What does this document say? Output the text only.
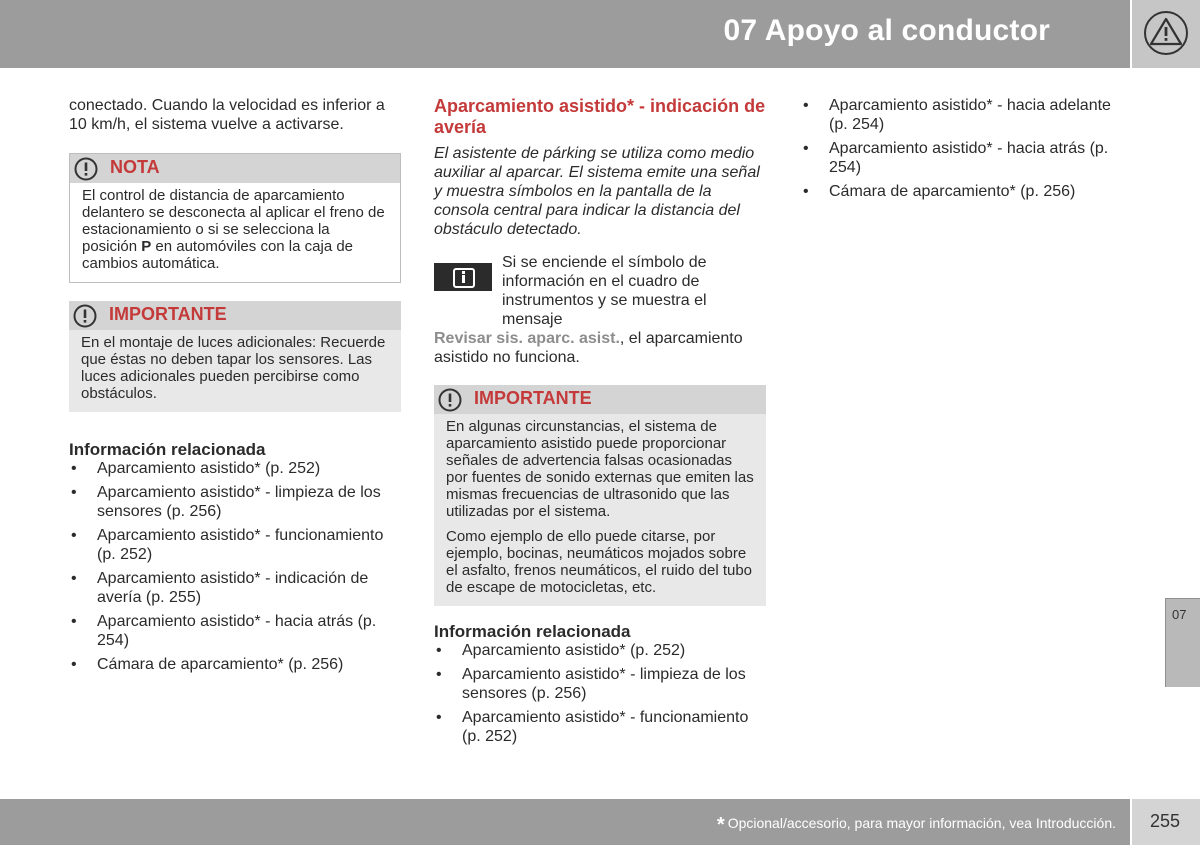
07 Apoyo al conductor

conectado. Cuando la velocidad es inferior a 10 km/h, el sistema vuelve a activarse.

NOTA

El control de distancia de aparcamiento delantero se desconecta al aplicar el freno de estacionamiento o si se selecciona la posición P en automóviles con la caja de cambios automática.

IMPORTANTE

En el montaje de luces adicionales: Recuerde que éstas no deben tapar los sensores. Las luces adicionales pueden percibirse como obstáculos.

Información relacionada
• Aparcamiento asistido* (p. 252)
• Aparcamiento asistido* - limpieza de los sensores (p. 256)
• Aparcamiento asistido* - funcionamiento (p. 252)
• Aparcamiento asistido* - indicación de avería (p. 255)
• Aparcamiento asistido* - hacia atrás (p. 254)
• Cámara de aparcamiento* (p. 256)
Aparcamiento asistido* - indicación de avería

El asistente de párking se utiliza como medio auxiliar al aparcar. El sistema emite una señal y muestra símbolos en la pantalla de la consola central para indicar la distancia del obstáculo detectado.

Si se enciende el símbolo de información en el cuadro de instrumentos y se muestra el mensaje

Revisar sis. aparc. asist., el aparcamiento asistido no funciona.

IMPORTANTE

En algunas circunstancias, el sistema de aparcamiento asistido puede proporcionar señales de advertencia falsas ocasionadas por fuentes de sonido externas que emiten las mismas frecuencias de ultrasonido que las utilizadas por el sistema.

Como ejemplo de ello puede citarse, por ejemplo, bocinas, neumáticos mojados sobre el asfalto, frenos neumáticos, el ruido del tubo de escape de motocicletas, etc.

Información relacionada
• Aparcamiento asistido* (p. 252)
• Aparcamiento asistido* - limpieza de los sensores (p. 256)
• Aparcamiento asistido* - funcionamiento (p. 252)
• Aparcamiento asistido* - hacia adelante (p. 254)
• Aparcamiento asistido* - hacia atrás (p. 254)
• Cámara de aparcamiento* (p. 256)
07
* Opcional/accesorio, para mayor información, vea Introducción. 255
